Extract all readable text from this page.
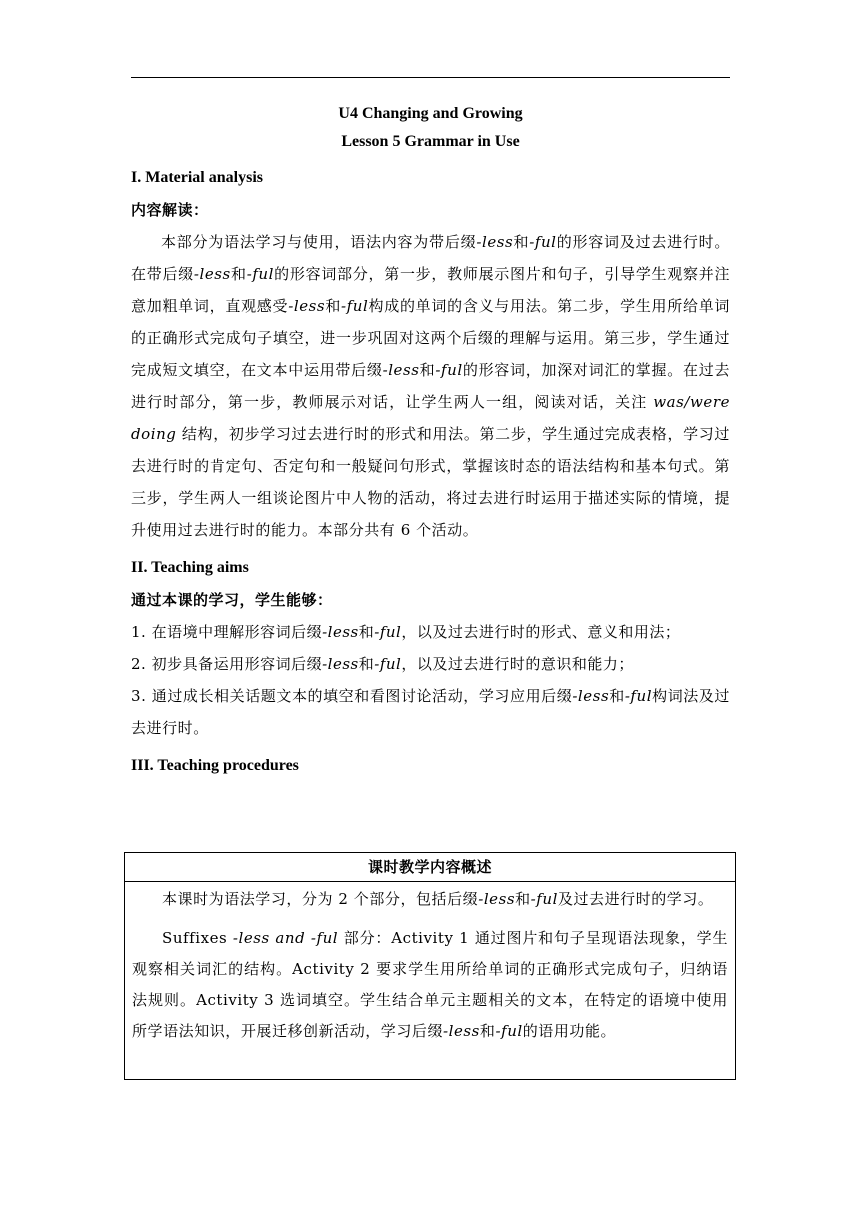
U4 Changing and Growing
Lesson 5 Grammar in Use
I. Material analysis
内容解读：

本部分为语法学习与使用，语法内容为带后缀-less和-ful的形容词及过去进行时。在带后缀-less和-ful的形容词部分，第一步，教师展示图片和句子，引导学生观察并注意加粗单词，直观感受-less和-ful构成的单词的含义与用法。第二步，学生用所给单词的正确形式完成句子填空，进一步巩固对这两个后缀的理解与运用。第三步，学生通过完成短文填空，在文本中运用带后缀-less和-ful的形容词，加深对词汇的掌握。在过去进行时部分，第一步，教师展示对话，让学生两人一组，阅读对话，关注 was/were doing 结构，初步学习过去进行时的形式和用法。第二步，学生通过完成表格，学习过去进行时的肯定句、否定句和一般疑问句形式，掌握该时态的语法结构和基本句式。第三步，学生两人一组谈论图片中人物的活动，将过去进行时运用于描述实际的情境，提升使用过去进行时的能力。本部分共有 6 个活动。

II. Teaching aims
通过本课的学习，学生能够：

1. 在语境中理解形容词后缀-less和-ful，以及过去进行时的形式、意义和用法；

2. 初步具备运用形容词后缀-less和-ful，以及过去进行时的意识和能力；

3. 通过成长相关话题文本的填空和看图讨论活动，学习应用后缀-less和-ful构词法及过去进行时。

III. Teaching procedures
课时教学内容概述

本课时为语法学习，分为 2 个部分，包括后缀-less和-ful及过去进行时的学习。

Suffixes -less and -ful 部分：Activity 1 通过图片和句子呈现语法现象，学生观察相关词汇的结构。Activity 2 要求学生用所给单词的正确形式完成句子，归纳语法规则。Activity 3 选词填空。学生结合单元主题相关的文本，在特定的语境中使用所学语法知识，开展迁移创新活动，学习后缀-less和-ful的语用功能。
